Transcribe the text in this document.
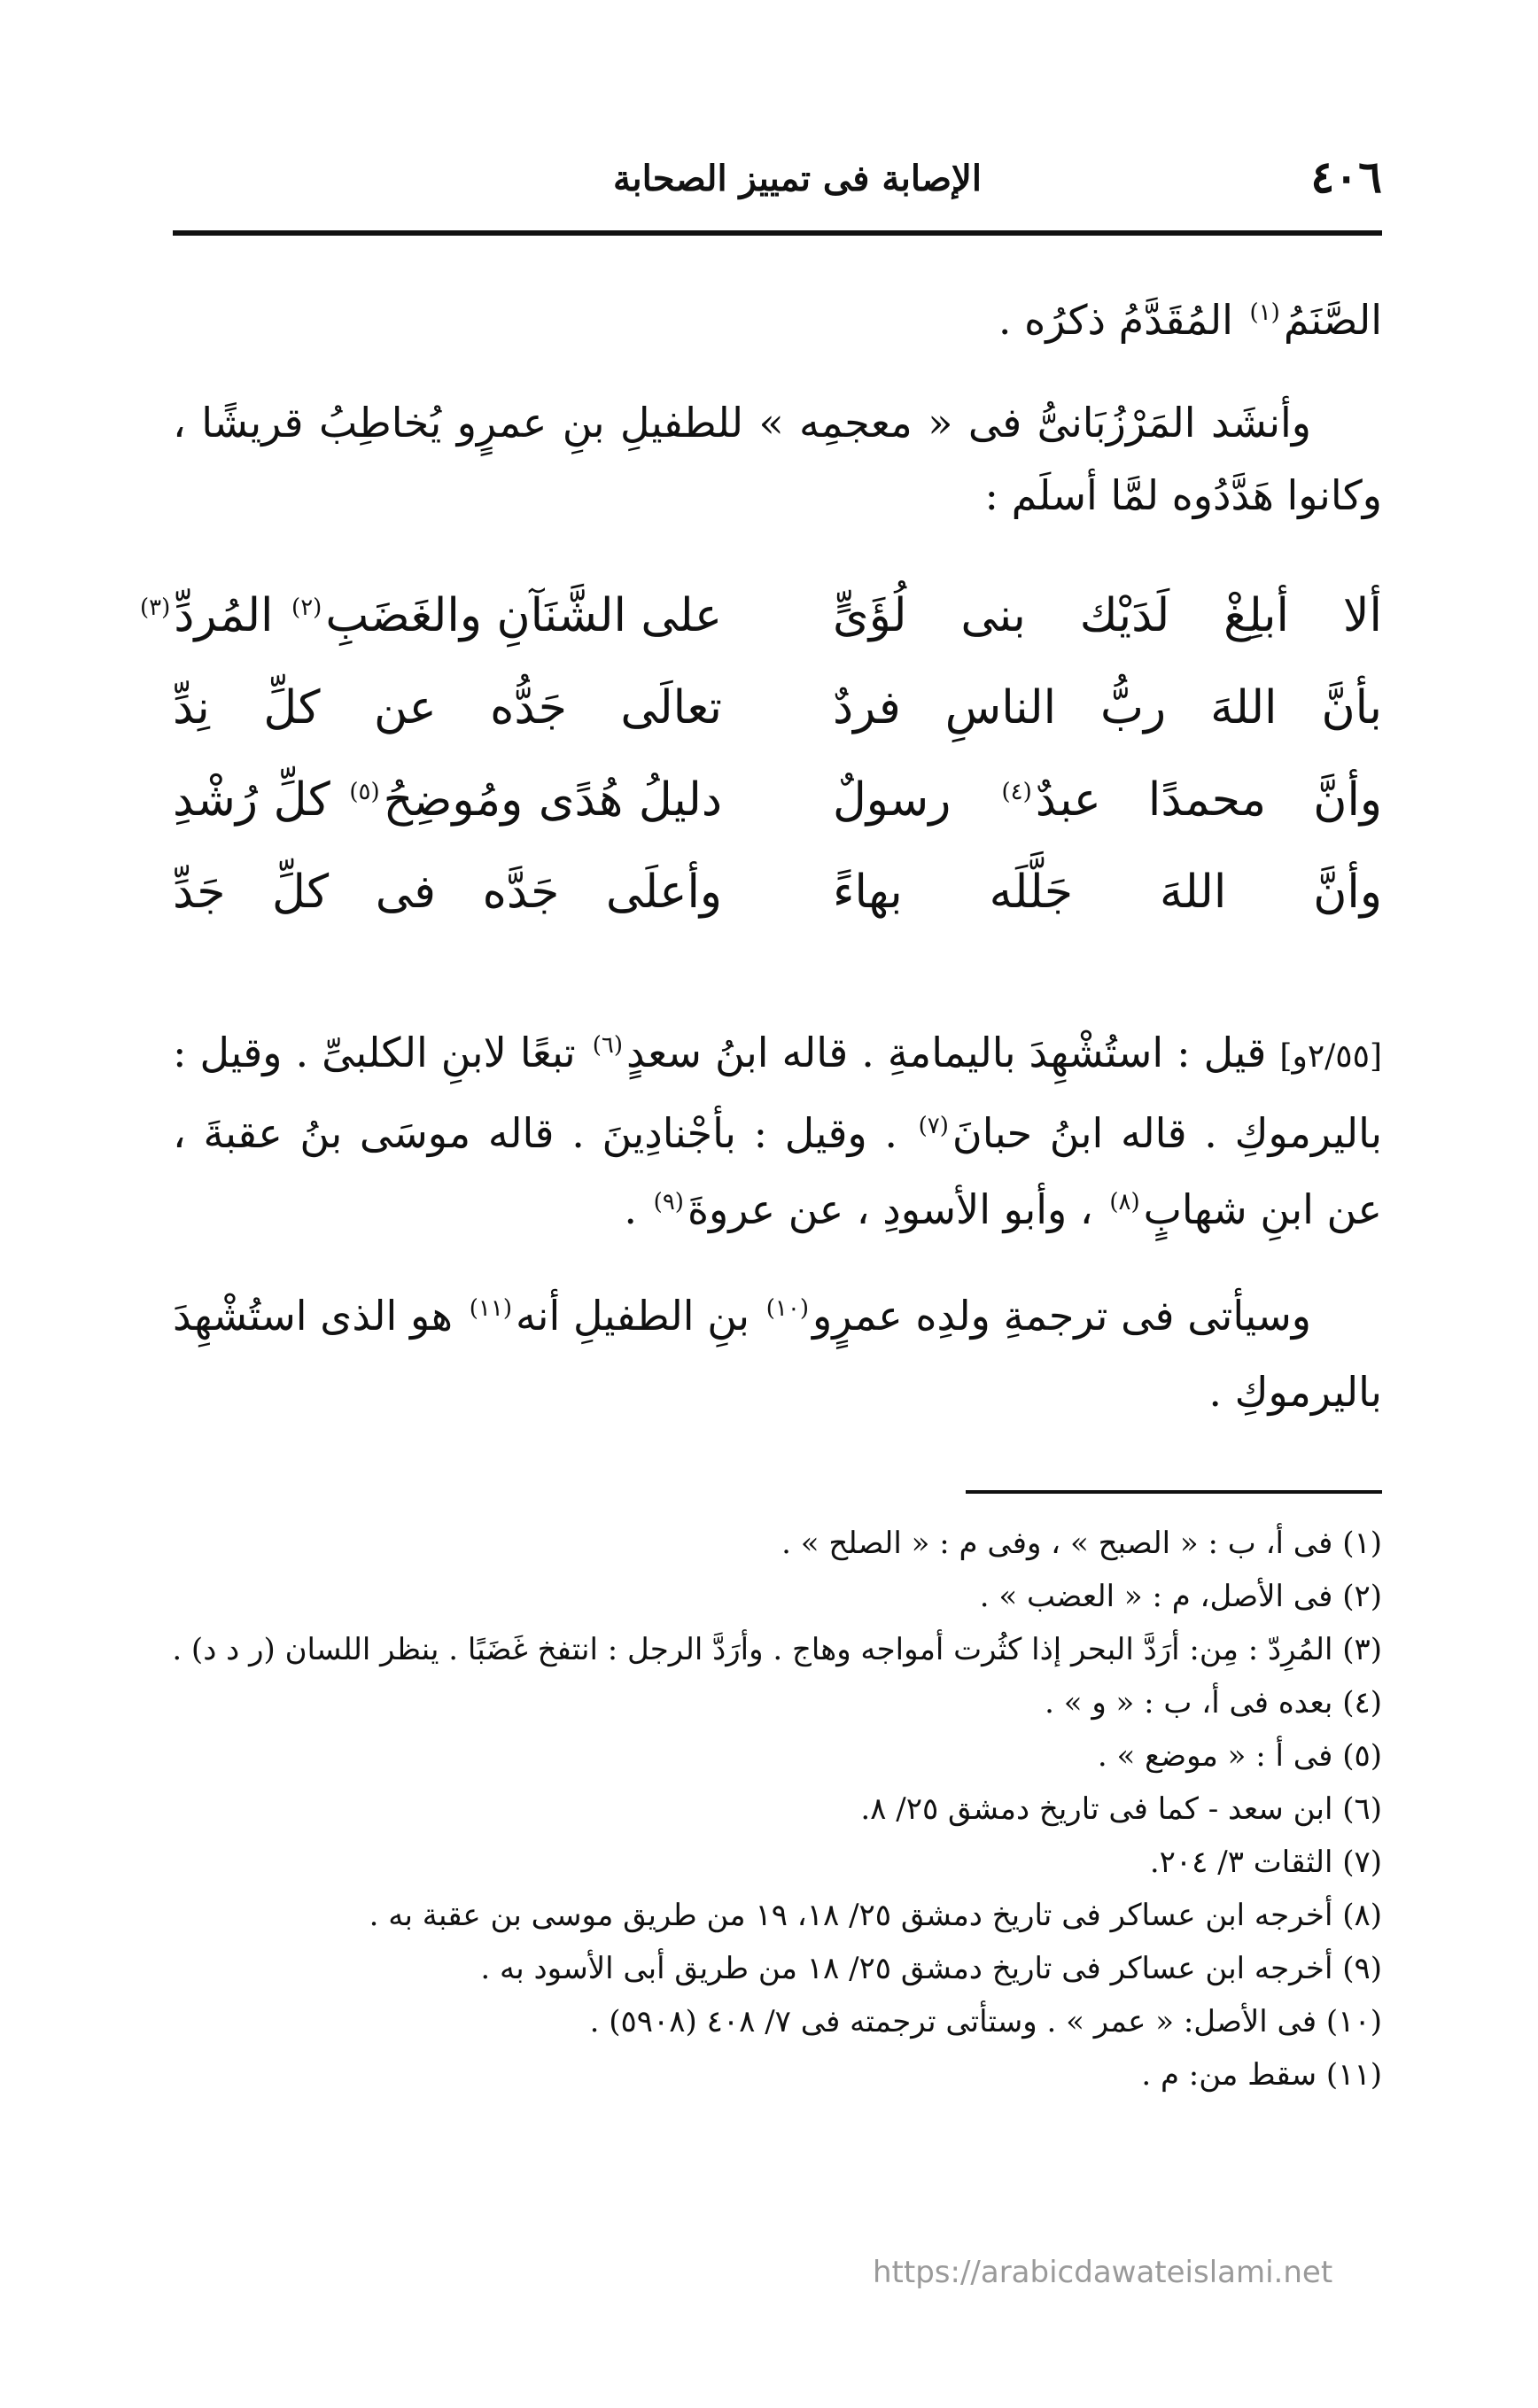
٤٠٦
الإصابة فى تمييز الصحابة

الصَّنَمُ$^{(١)}$ المُقَدَّمُ ذكرُه .

وأنشَد المَرْزُبَانىُّ فى « معجمِه » للطفيلِ بنِ عمرٍو يُخاطِبُ قريشًا ، وكانوا هَدَّدُوه لمَّا أسلَم :

ألا أبلِغْ لَدَيْك بنى لُؤَىٍّ
على الشَّنَآنِ والغَضَبِ$^{(٢)}$ المُردِّ$^{(٣)}$
بأنَّ اللهَ ربُّ الناسِ فردٌ
تعالَى جَدُّه عن كلِّ نِدِّ
وأنَّ محمدًا عبدٌ$^{(٤)}$ رسولٌ
دليلُ هُدًى ومُوضِحُ$^{(٥)}$ كلِّ رُشْدِ
وأنَّ اللهَ جَلَّلَه بهاءً
وأعلَى جَدَّه فى كلِّ جَدِّ

[٢/٥٥و] قيل : استُشْهِدَ باليمامةِ . قاله ابنُ سعدٍ$^{(٦)}$ تبعًا لابنِ الكلبىِّ . وقيل : باليرموكِ . قاله ابنُ حبانَ$^{(٧)}$ . وقيل : بأجْنادِينَ . قاله موسَى بنُ عقبةَ ، عن ابنِ شهابٍ$^{(٨)}$ ، وأبو الأسودِ ، عن عروةَ$^{(٩)}$ .

وسيأتى فى ترجمةِ ولدِه عمرٍو$^{(١٠)}$ بنِ الطفيلِ أنه$^{(١١)}$ هو الذى استُشْهِدَ باليرموكِ .

(١) فى أ، ب : « الصبح » ، وفى م : « الصلح » .

(٢) فى الأصل، م : « العضب » .

(٣) المُرِدّ : مِن: أرَدَّ البحر إذا كثُرت أمواجه وهاج . وأرَدَّ الرجل : انتفخ غَضَبًا . ينظر اللسان (ر د د) .

(٤) بعده فى أ، ب : « و » .

(٥) فى أ : « موضع » .

(٦) ابن سعد - كما فى تاريخ دمشق ٢٥/ ٨.

(٧) الثقات ٣/ ٢٠٤.

(٨) أخرجه ابن عساكر فى تاريخ دمشق ٢٥/ ١٨، ١٩ من طريق موسى بن عقبة به .

(٩) أخرجه ابن عساكر فى تاريخ دمشق ٢٥/ ١٨ من طريق أبى الأسود به .

(١٠) فى الأصل: « عمر » . وستأتى ترجمته فى ٧/ ٤٠٨ (٥٩٠٨) .

(١١) سقط من: م .

https://arabicdawateislami.net
